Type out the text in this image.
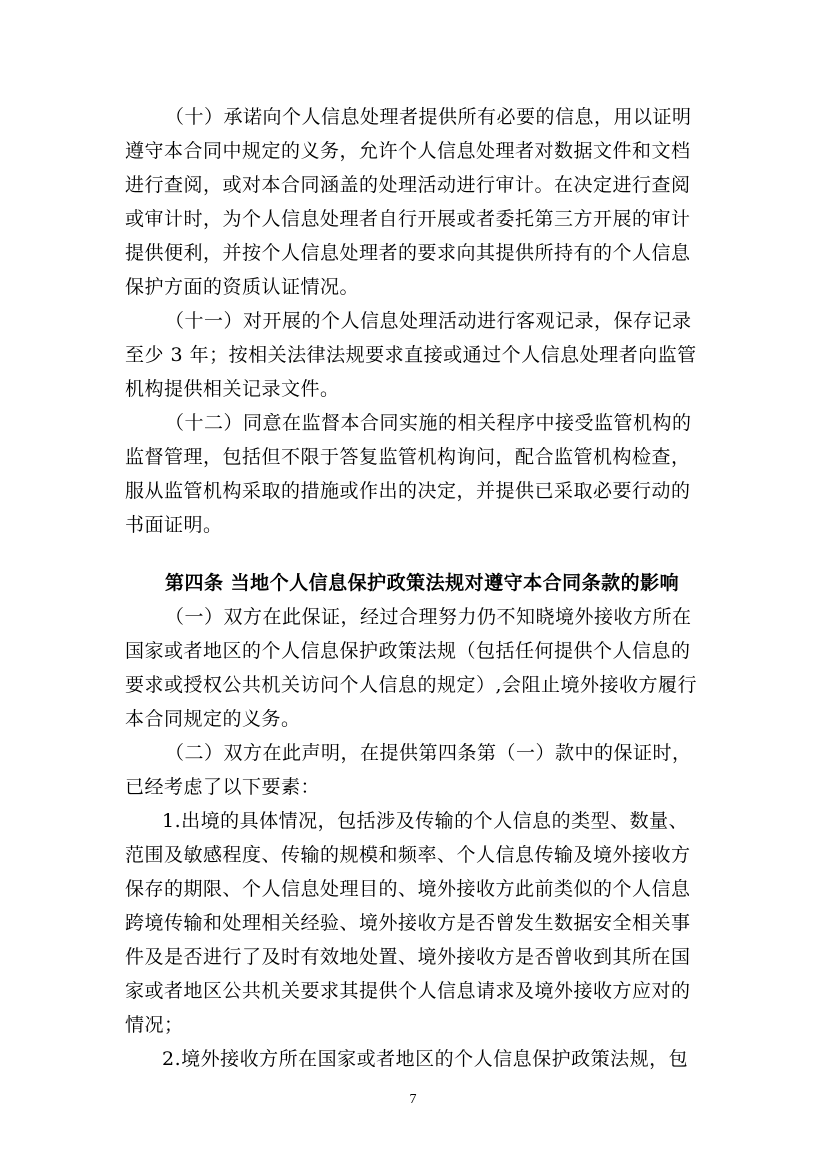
（十）承诺向个人信息处理者提供所有必要的信息，用以证明
遵守本合同中规定的义务，允许个人信息处理者对数据文件和文档
进行查阅，或对本合同涵盖的处理活动进行审计。在决定进行查阅
或审计时，为个人信息处理者自行开展或者委托第三方开展的审计
提供便利，并按个人信息处理者的要求向其提供所持有的个人信息
保护方面的资质认证情况。
（十一）对开展的个人信息处理活动进行客观记录，保存记录
至少 3 年；按相关法律法规要求直接或通过个人信息处理者向监管
机构提供相关记录文件。
（十二）同意在监督本合同实施的相关程序中接受监管机构的
监督管理，包括但不限于答复监管机构询问，配合监管机构检查，
服从监管机构采取的措施或作出的决定，并提供已采取必要行动的
书面证明。
第四条 当地个人信息保护政策法规对遵守本合同条款的影响
（一）双方在此保证，经过合理努力仍不知晓境外接收方所在
国家或者地区的个人信息保护政策法规（包括任何提供个人信息的
要求或授权公共机关访问个人信息的规定）,会阻止境外接收方履行
本合同规定的义务。
（二）双方在此声明，在提供第四条第（一）款中的保证时，
已经考虑了以下要素：
1.出境的具体情况，包括涉及传输的个人信息的类型、数量、
范围及敏感程度、传输的规模和频率、个人信息传输及境外接收方
保存的期限、个人信息处理目的、境外接收方此前类似的个人信息
跨境传输和处理相关经验、境外接收方是否曾发生数据安全相关事
件及是否进行了及时有效地处置、境外接收方是否曾收到其所在国
家或者地区公共机关要求其提供个人信息请求及境外接收方应对的
情况；
2.境外接收方所在国家或者地区的个人信息保护政策法规，包
7
